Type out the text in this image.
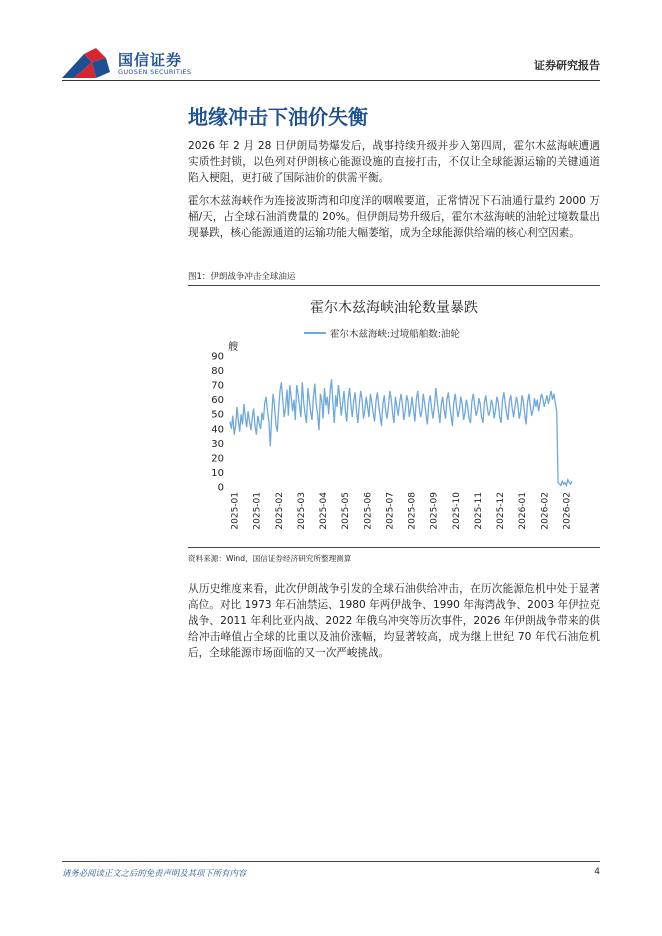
国信证券
GUOSEN SECURITIES	证券研究报告
地缘冲击下油价失衡

2026 年 2 月 28 日伊朗局势爆发后，战事持续升级并步入第四周，霍尔木兹海峡遭遇实质性封锁，以色列对伊朗核心能源设施的直接打击，不仅让全球能源运输的关键通道陷入梗阻，更打破了国际油价的供需平衡。

霍尔木兹海峡作为连接波斯湾和印度洋的咽喉要道，正常情况下石油通行量约 2000 万桶/天，占全球石油消费量的 20%。但伊朗局势升级后，霍尔木兹海峡的油轮过境数量出现暴跌，核心能源通道的运输功能大幅萎缩，成为全球能源供给端的核心利空因素。

图1：伊朗战争冲击全球油运
霍尔木兹海峡油轮数量暴跌
霍尔木兹海峡:过境船舶数:油轮
艘
0
10
20
30
40
50
60
70
80
90
2025-01 2025-01 2025-02 2025-03 2025-04 2025-05 2025-06 2025-07 2025-08 2025-09 2025-10 2025-11 2025-12 2026-01 2026-02 2026-02
资料来源：Wind，国信证券经济研究所整理测算

从历史维度来看，此次伊朗战争引发的全球石油供给冲击，在历次能源危机中处于显著高位。对比 1973 年石油禁运、1980 年两伊战争、1990 年海湾战争、2003 年伊拉克战争、2011 年利比亚内战、2022 年俄乌冲突等历次事件，2026 年伊朗战争带来的供给冲击峰值占全球的比重以及油价涨幅，均显著较高，成为继上世纪 70 年代石油危机后，全球能源市场面临的又一次严峻挑战。

请务必阅读正文之后的免责声明及其项下所有内容	4
